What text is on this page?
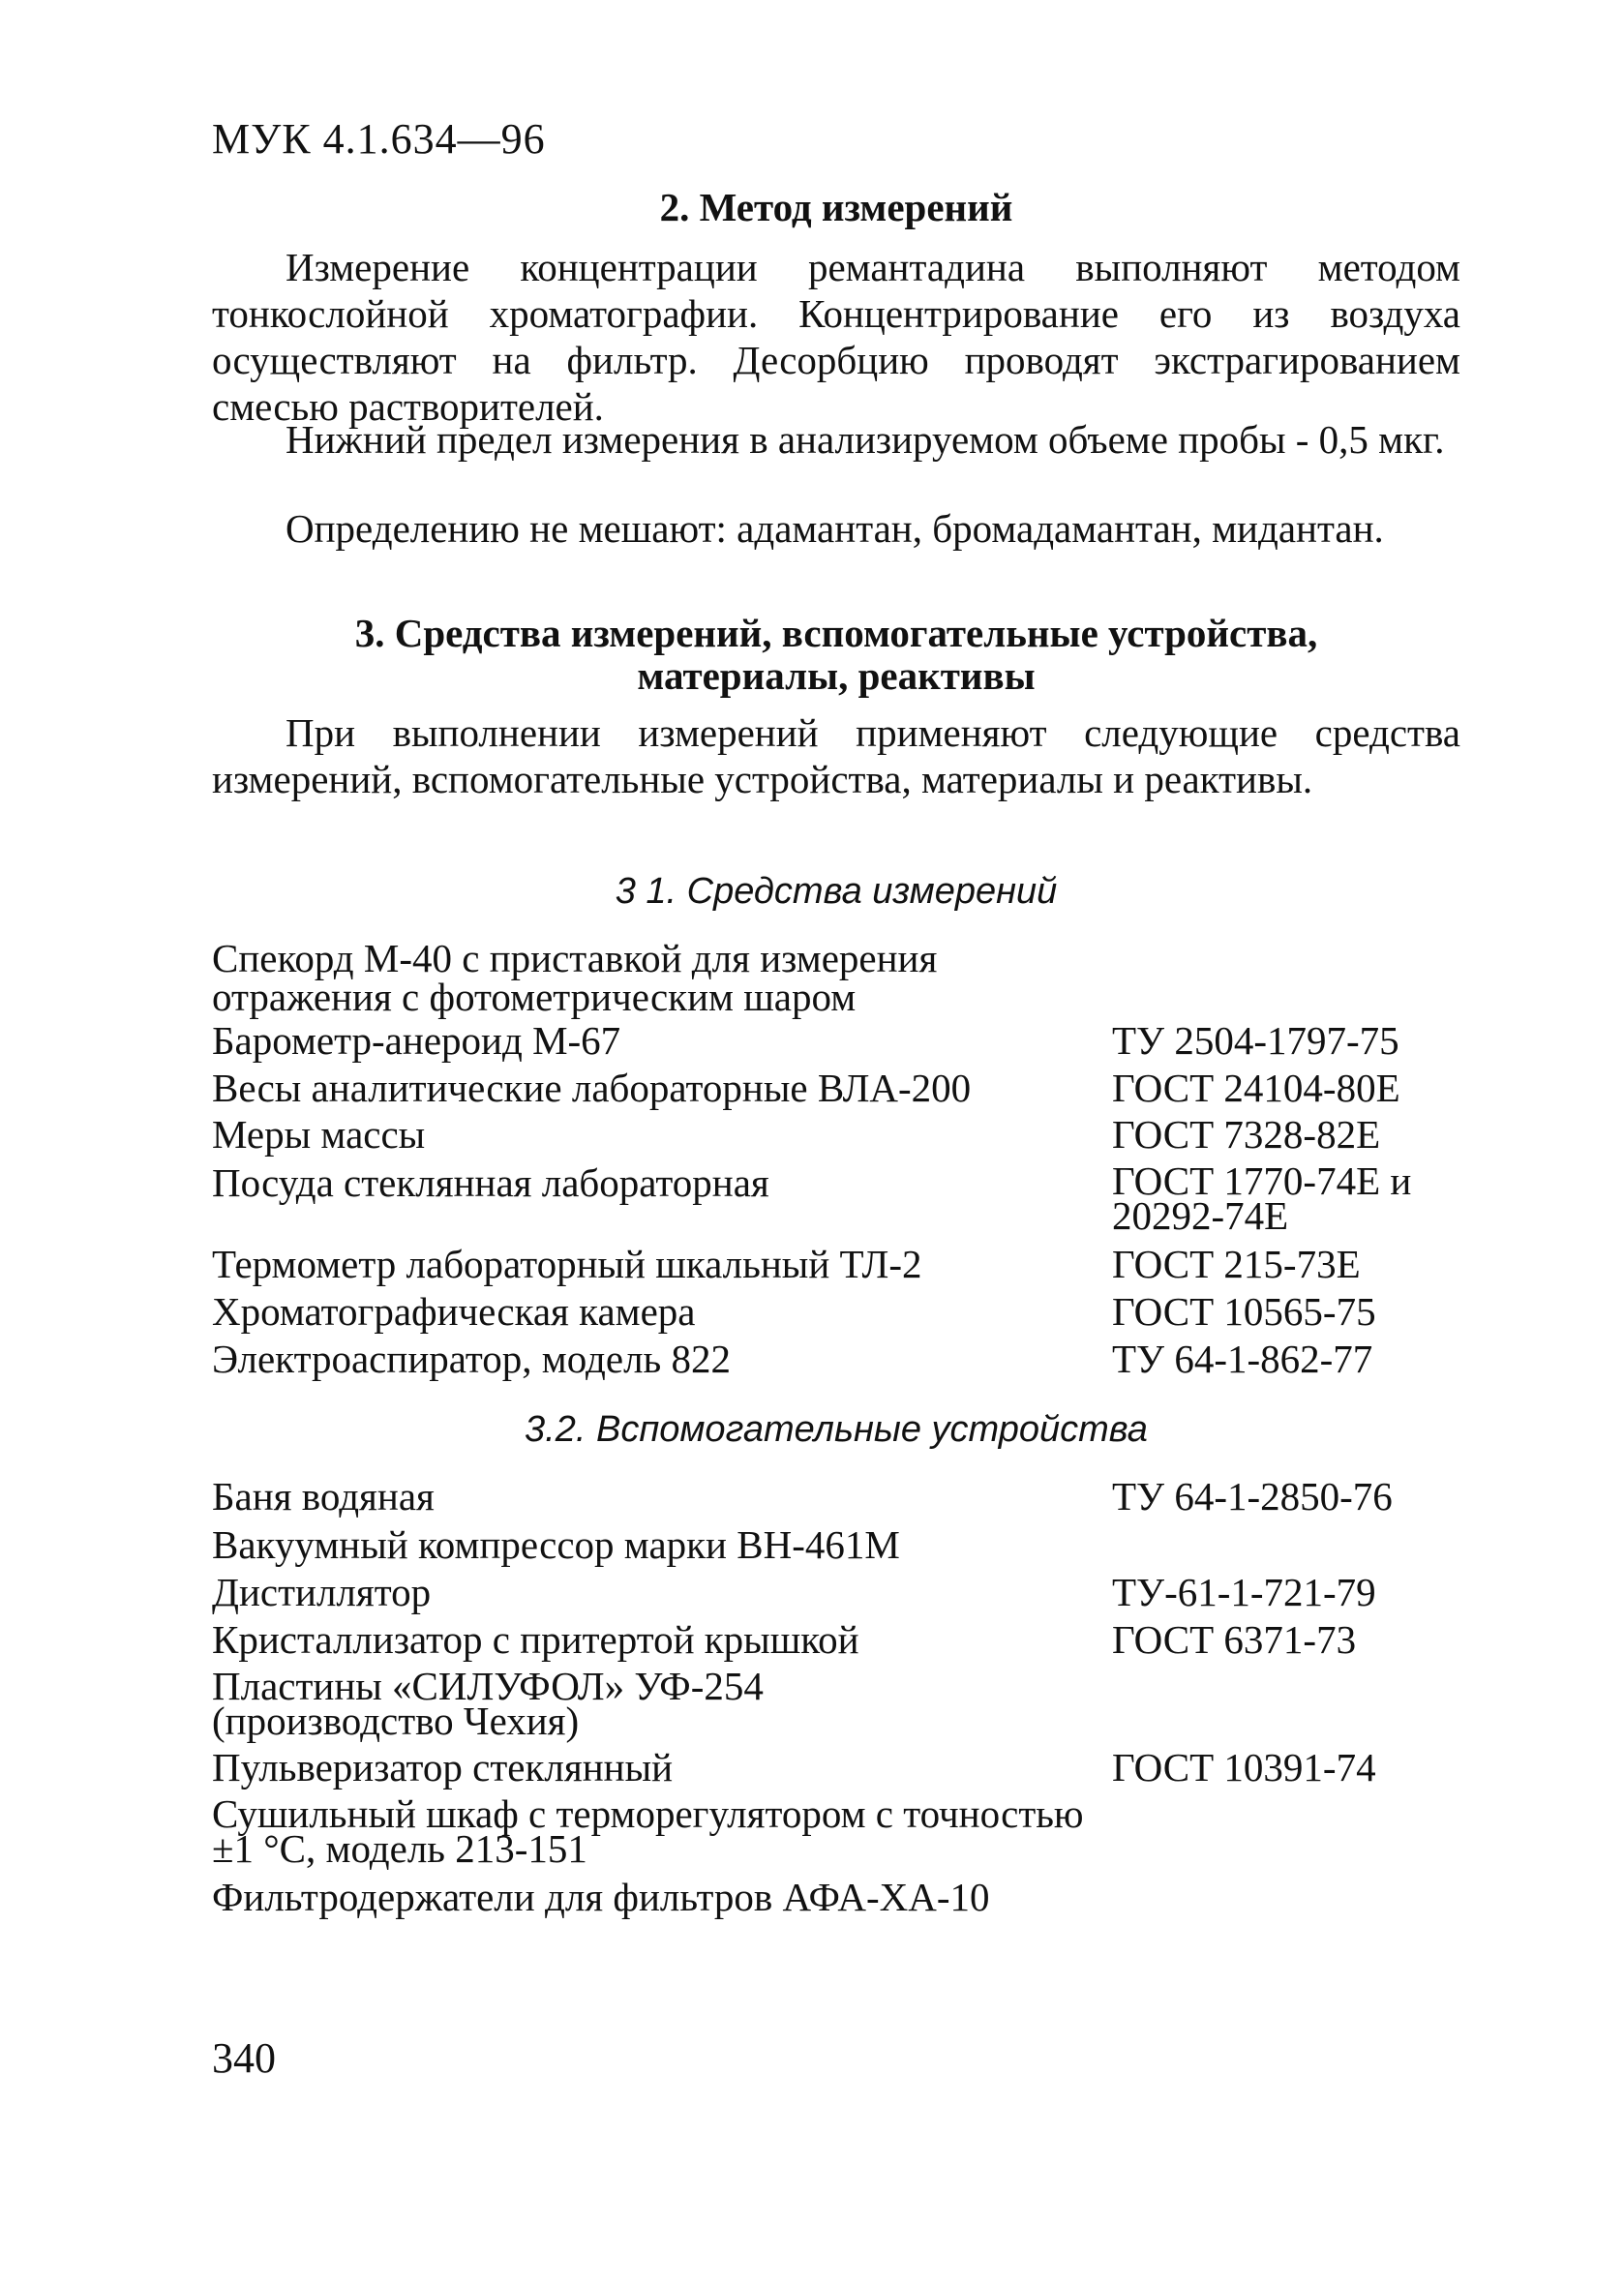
МУК 4.1.634—96
2. Метод измерений
Измерение концентрации ремантадина выполняют методом тонкослойной хроматографии. Концентрирование его из воздуха осуществляют на фильтр. Десорбцию проводят экстрагированием смесью растворителей.
Нижний предел измерения в анализируемом объеме пробы - 0,5 мкг.
Определению не мешают: адамантан, бромадамантан, мидантан.
3. Средства измерений, вспомогательные устройства,
материалы, реактивы
При выполнении измерений применяют следующие средства измерений, вспомогательные устройства, материалы и реактивы.
3 1. Средства измерений
Спекорд М-40 с приставкой для измерения отражения с фотометрическим шаром
Барометр-анероид М-67	ТУ 2504-1797-75
Весы аналитические лабораторные ВЛА-200	ГОСТ 24104-80Е
Меры массы	ГОСТ 7328-82Е
Посуда стеклянная лабораторная	ГОСТ 1770-74Е и 20292-74Е
Термометр лабораторный шкальный ТЛ-2	ГОСТ 215-73Е
Хроматографическая камера	ГОСТ 10565-75
Электроаспиратор, модель 822	ТУ 64-1-862-77
3.2. Вспомогательные устройства
Баня водяная	ТУ 64-1-2850-76
Вакуумный компрессор марки ВН-461М
Дистиллятор	ТУ-61-1-721-79
Кристаллизатор с притертой крышкой	ГОСТ 6371-73
Пластины «СИЛУФОЛ» УФ-254 (производство Чехия)
Пульверизатор стеклянный	ГОСТ 10391-74
Сушильный шкаф с терморегулятором с точностью ±1 °С, модель 213-151
Фильтродержатели для фильтров АФА-ХА-10
340
